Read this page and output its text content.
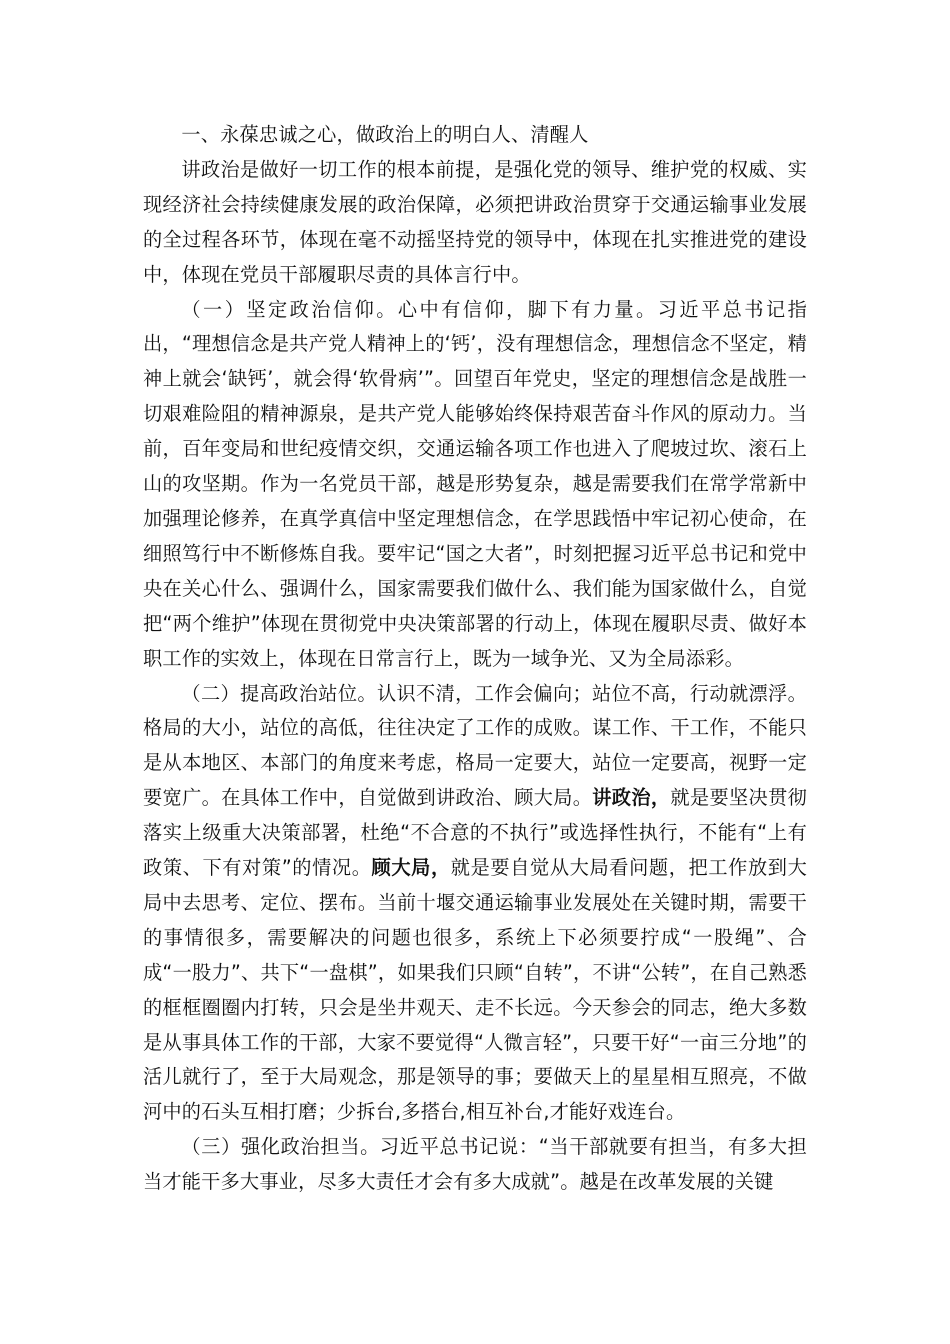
一、永葆忠诚之心，做政治上的明白人、清醒人

讲政治是做好一切工作的根本前提，是强化党的领导、维护党的权威、实现经济社会持续健康发展的政治保障，必须把讲政治贯穿于交通运输事业发展的全过程各环节，体现在毫不动摇坚持党的领导中，体现在扎实推进党的建设中，体现在党员干部履职尽责的具体言行中。

（一）坚定政治信仰。心中有信仰，脚下有力量。习近平总书记指出，“理想信念是共产党人精神上的‘钙’，没有理想信念，理想信念不坚定，精神上就会‘缺钙’，就会得‘软骨病’”。回望百年党史，坚定的理想信念是战胜一切艰难险阻的精神源泉，是共产党人能够始终保持艰苦奋斗作风的原动力。当前，百年变局和世纪疫情交织，交通运输各项工作也进入了爬坡过坎、滚石上山的攻坚期。作为一名党员干部，越是形势复杂，越是需要我们在常学常新中加强理论修养，在真学真信中坚定理想信念，在学思践悟中牢记初心使命，在细照笃行中不断修炼自我。要牢记“国之大者”，时刻把握习近平总书记和党中央在关心什么、强调什么，国家需要我们做什么、我们能为国家做什么，自觉把“两个维护”体现在贯彻党中央决策部署的行动上，体现在履职尽责、做好本职工作的实效上，体现在日常言行上，既为一域争光、又为全局添彩。

（二）提高政治站位。认识不清，工作会偏向；站位不高，行动就漂浮。格局的大小，站位的高低，往往决定了工作的成败。谋工作、干工作，不能只是从本地区、本部门的角度来考虑，格局一定要大，站位一定要高，视野一定要宽广。在具体工作中，自觉做到讲政治、顾大局。讲政治，就是要坚决贯彻落实上级重大决策部署，杜绝“不合意的不执行”或选择性执行，不能有“上有政策、下有对策”的情况。顾大局，就是要自觉从大局看问题，把工作放到大局中去思考、定位、摆布。当前十堰交通运输事业发展处在关键时期，需要干的事情很多，需要解决的问题也很多，系统上下必须要拧成“一股绳”、合成“一股力”、共下“一盘棋”，如果我们只顾“自转”，不讲“公转”，在自己熟悉的框框圈圈内打转，只会是坐井观天、走不长远。今天参会的同志，绝大多数是从事具体工作的干部，大家不要觉得“人微言轻”，只要干好“一亩三分地”的活儿就行了，至于大局观念，那是领导的事；要做天上的星星相互照亮，不做河中的石头互相打磨；少拆台,多搭台,相互补台,才能好戏连台。

（三）强化政治担当。习近平总书记说：“当干部就要有担当，有多大担当才能干多大事业，尽多大责任才会有多大成就”。越是在改革发展的关键
